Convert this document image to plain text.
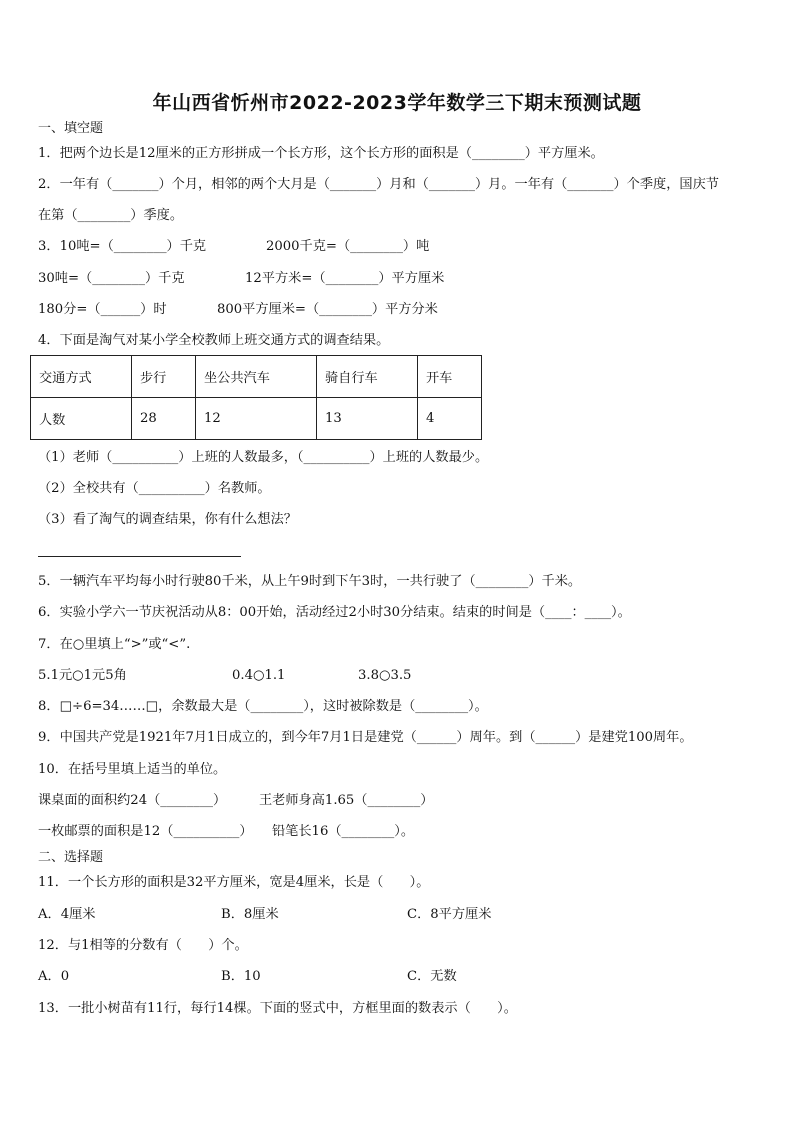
年山西省忻州市2022-2023学年数学三下期末预测试题
一、填空题
1．把两个边长是12厘米的正方形拼成一个长方形，这个长方形的面积是（________）平方厘米。
2．一年有（_______）个月，相邻的两个大月是（_______）月和（_______）月。一年有（_______）个季度，国庆节
在第（________）季度。
3．10吨=（________）千克	2000千克=（________）吨
30吨=（________）千克	12平方米=（________）平方厘米
180分=（______）时	800平方厘米=（________）平方分米
4．下面是淘气对某小学全校教师上班交通方式的调查结果。
交通方式	步行	坐公共汽车	骑自行车	开车
人数	28	12	13	4
（1）老师（__________）上班的人数最多，（__________）上班的人数最少。
（2）全校共有（__________）名教师。
（3）看了淘气的调查结果，你有什么想法？
5．一辆汽车平均每小时行驶80千米，从上午9时到下午3时，一共行驶了（________）千米。
6．实验小学六一节庆祝活动从8：00开始，活动经过2小时30分结束。结束的时间是（____：____）。
7．在○里填上“>”或“<”.
5.1元○1元5角	0.4○1.1	3.8○3.5
8．□÷6=34……□，余数最大是（________），这时被除数是（________）。
9．中国共产党是1921年7月1日成立的，到今年7月1日是建党（______）周年。到（______）是建党100周年。
10．在括号里填上适当的单位。
课桌面的面积约24（________） 王老师身高1.65（________）
一枚邮票的面积是12（__________） 铅笔长16（________）。
二、选择题
11．一个长方形的面积是32平方厘米，宽是4厘米，长是（　　）。
A．4厘米	B．8厘米	C．8平方厘米
12．与1相等的分数有（　　）个。
A．0	B．10	C．无数
13．一批小树苗有11行，每行14棵。下面的竖式中，方框里面的数表示（　　）。
